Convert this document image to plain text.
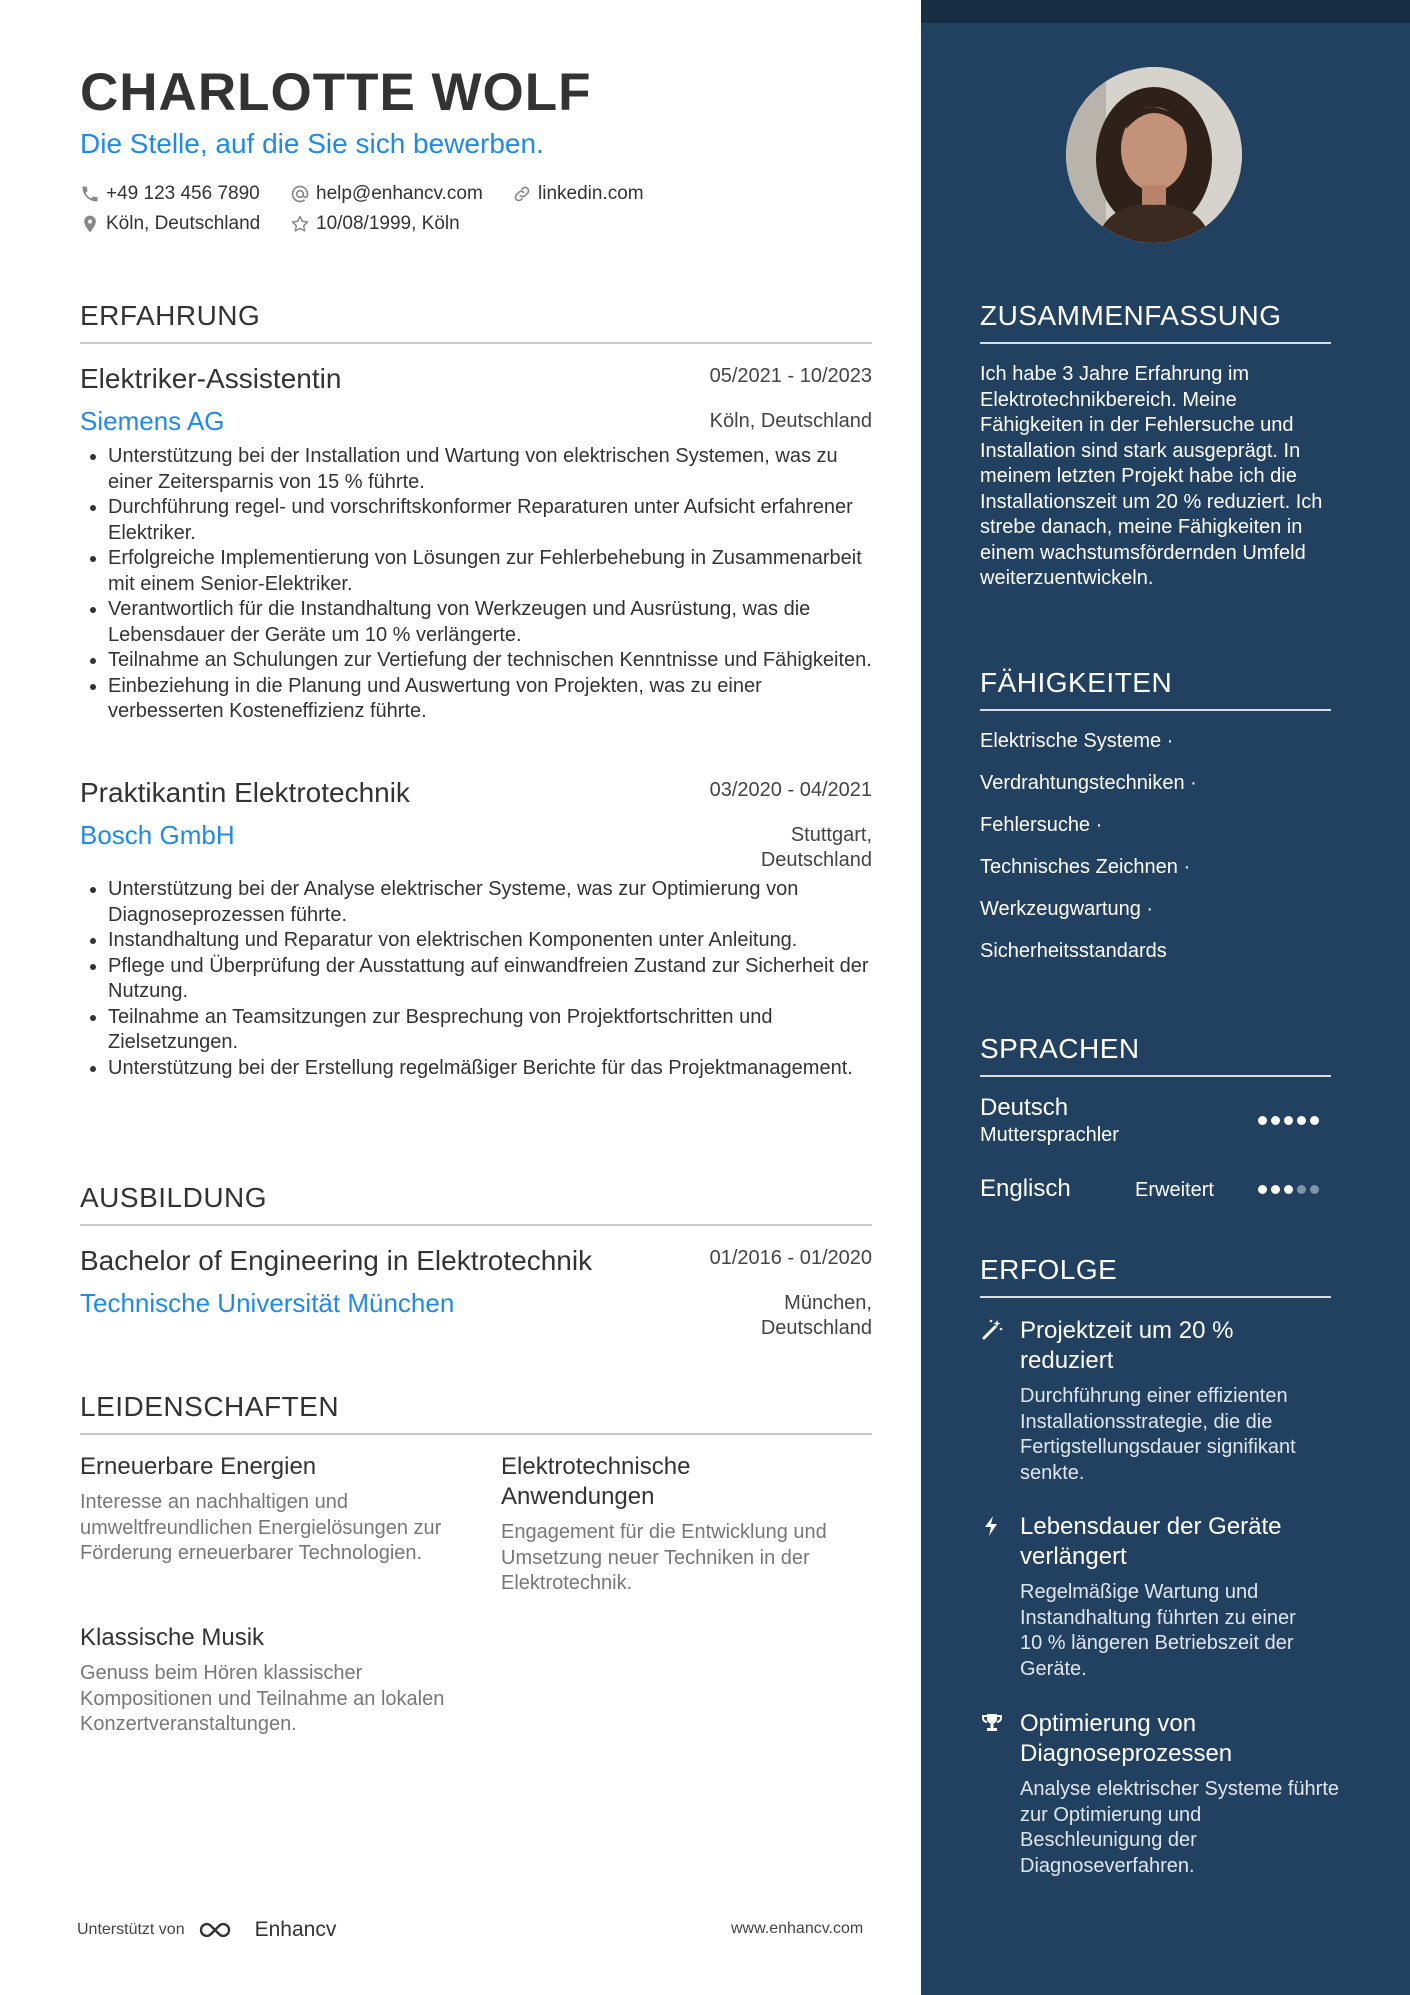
CHARLOTTE WOLF
Die Stelle, auf die Sie sich bewerben.
+49 123 456 7890	help@enhancv.com	linkedin.com
Köln, Deutschland	10/08/1999, Köln
ERFAHRUNG
Elektriker-Assistentin	05/2021 - 10/2023
Siemens AG	Köln, Deutschland
• Unterstützung bei der Installation und Wartung von elektrischen Systemen, was zu einer Zeitersparnis von 15 % führte.
• Durchführung regel- und vorschriftskonformer Reparaturen unter Aufsicht erfahrener Elektriker.
• Erfolgreiche Implementierung von Lösungen zur Fehlerbehebung in Zusammenarbeit mit einem Senior-Elektriker.
• Verantwortlich für die Instandhaltung von Werkzeugen und Ausrüstung, was die Lebensdauer der Geräte um 10 % verlängerte.
• Teilnahme an Schulungen zur Vertiefung der technischen Kenntnisse und Fähigkeiten.
• Einbeziehung in die Planung und Auswertung von Projekten, was zu einer verbesserten Kosteneffizienz führte.
Praktikantin Elektrotechnik	03/2020 - 04/2021
Bosch GmbH	Stuttgart, Deutschland
• Unterstützung bei der Analyse elektrischer Systeme, was zur Optimierung von Diagnoseprozessen führte.
• Instandhaltung und Reparatur von elektrischen Komponenten unter Anleitung.
• Pflege und Überprüfung der Ausstattung auf einwandfreien Zustand zur Sicherheit der Nutzung.
• Teilnahme an Teamsitzungen zur Besprechung von Projektfortschritten und Zielsetzungen.
• Unterstützung bei der Erstellung regelmäßiger Berichte für das Projektmanagement.
AUSBILDUNG
Bachelor of Engineering in Elektrotechnik	01/2016 - 01/2020
Technische Universität München	München, Deutschland
LEIDENSCHAFTEN
Erneuerbare Energien
Interesse an nachhaltigen und umweltfreundlichen Energielösungen zur Förderung erneuerbarer Technologien.
Elektrotechnische Anwendungen
Engagement für die Entwicklung und Umsetzung neuer Techniken in der Elektrotechnik.
Klassische Musik
Genuss beim Hören klassischer Kompositionen und Teilnahme an lokalen Konzertveranstaltungen.
ZUSAMMENFASSUNG
Ich habe 3 Jahre Erfahrung im Elektrotechnikbereich. Meine Fähigkeiten in der Fehlersuche und Installation sind stark ausgeprägt. In meinem letzten Projekt habe ich die Installationszeit um 20 % reduziert. Ich strebe danach, meine Fähigkeiten in einem wachstumsfördernden Umfeld weiterzuentwickeln.
FÄHIGKEITEN
Elektrische Systeme ·
Verdrahtungstechniken ·
Fehlersuche ·
Technisches Zeichnen ·
Werkzeugwartung ·
Sicherheitsstandards
SPRACHEN
Deutsch
Muttersprachler
Englisch	Erweitert
ERFOLGE
Projektzeit um 20 % reduziert
Durchführung einer effizienten Installationsstrategie, die die Fertigstellungsdauer signifikant senkte.
Lebensdauer der Geräte verlängert
Regelmäßige Wartung und Instandhaltung führten zu einer 10 % längeren Betriebszeit der Geräte.
Optimierung von Diagnoseprozessen
Analyse elektrischer Systeme führte zur Optimierung und Beschleunigung der Diagnoseverfahren.
Unterstützt von	Enhancv	www.enhancv.com
